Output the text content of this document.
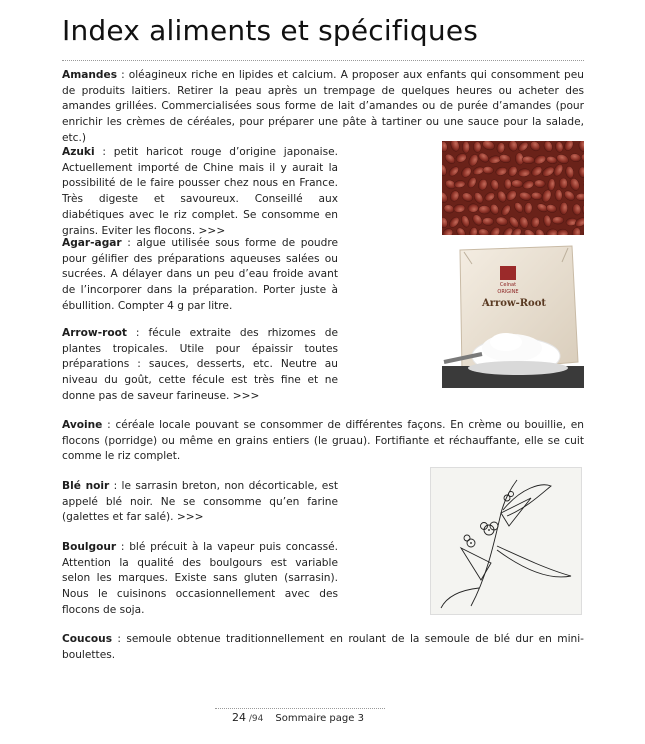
Index aliments et spécifiques
Amandes : oléagineux riche en lipides et calcium. A proposer aux enfants qui consomment peu de produits laitiers. Retirer la peau après un trempage de quelques heures ou acheter des amandes grillées. Commercialisées sous forme de lait d’amandes ou de purée d’amandes (pour enrichir les crèmes de céréales, pour préparer une pâte à tartiner ou une sauce pour la salade, etc.)
Azuki : petit haricot rouge d’origine japonaise. Actuellement importé de Chine mais il y aurait la possibilité de le faire pousser chez nous en France. Très digeste et savoureux. Conseillé aux diabétiques avec le riz complet. Se consomme en grains. Eviter les flocons. >>>
Agar-agar : algue utilisée sous forme de poudre pour gélifier des préparations aqueuses salées ou sucrées. A délayer dans un peu d’eau froide avant de l’incorporer dans la préparation. Porter juste à ébullition. Compter 4 g par litre.
Arrow-root : fécule extraite des rhizomes de plantes tropicales. Utile pour épaissir toutes préparations : sauces, desserts, etc. Neutre au niveau du goût, cette fécule est très fine et ne donne pas de saveur farineuse. >>>
Avoine : céréale locale pouvant se consommer de différentes façons. En crème ou bouillie, en flocons (porridge) ou même en grains entiers (le gruau). Fortifiante et réchauffante, elle se cuit comme le riz complet.
Blé noir : le sarrasin breton, non décorticable, est appelé blé noir. Ne se consomme qu’en farine (galettes et far salé). >>>
Boulgour : blé précuit à la vapeur puis concassé. Attention la qualité des boulgours est variable selon les marques. Existe sans gluten (sarrasin). Nous le cuisinons occasionnellement avec des flocons de soja.
Coucous : semoule obtenue traditionnellement en roulant de la semoule de blé dur en mini-boulettes.
Celnat
ORIGINE
Arrow-Root
24 /94 Sommaire page 3
